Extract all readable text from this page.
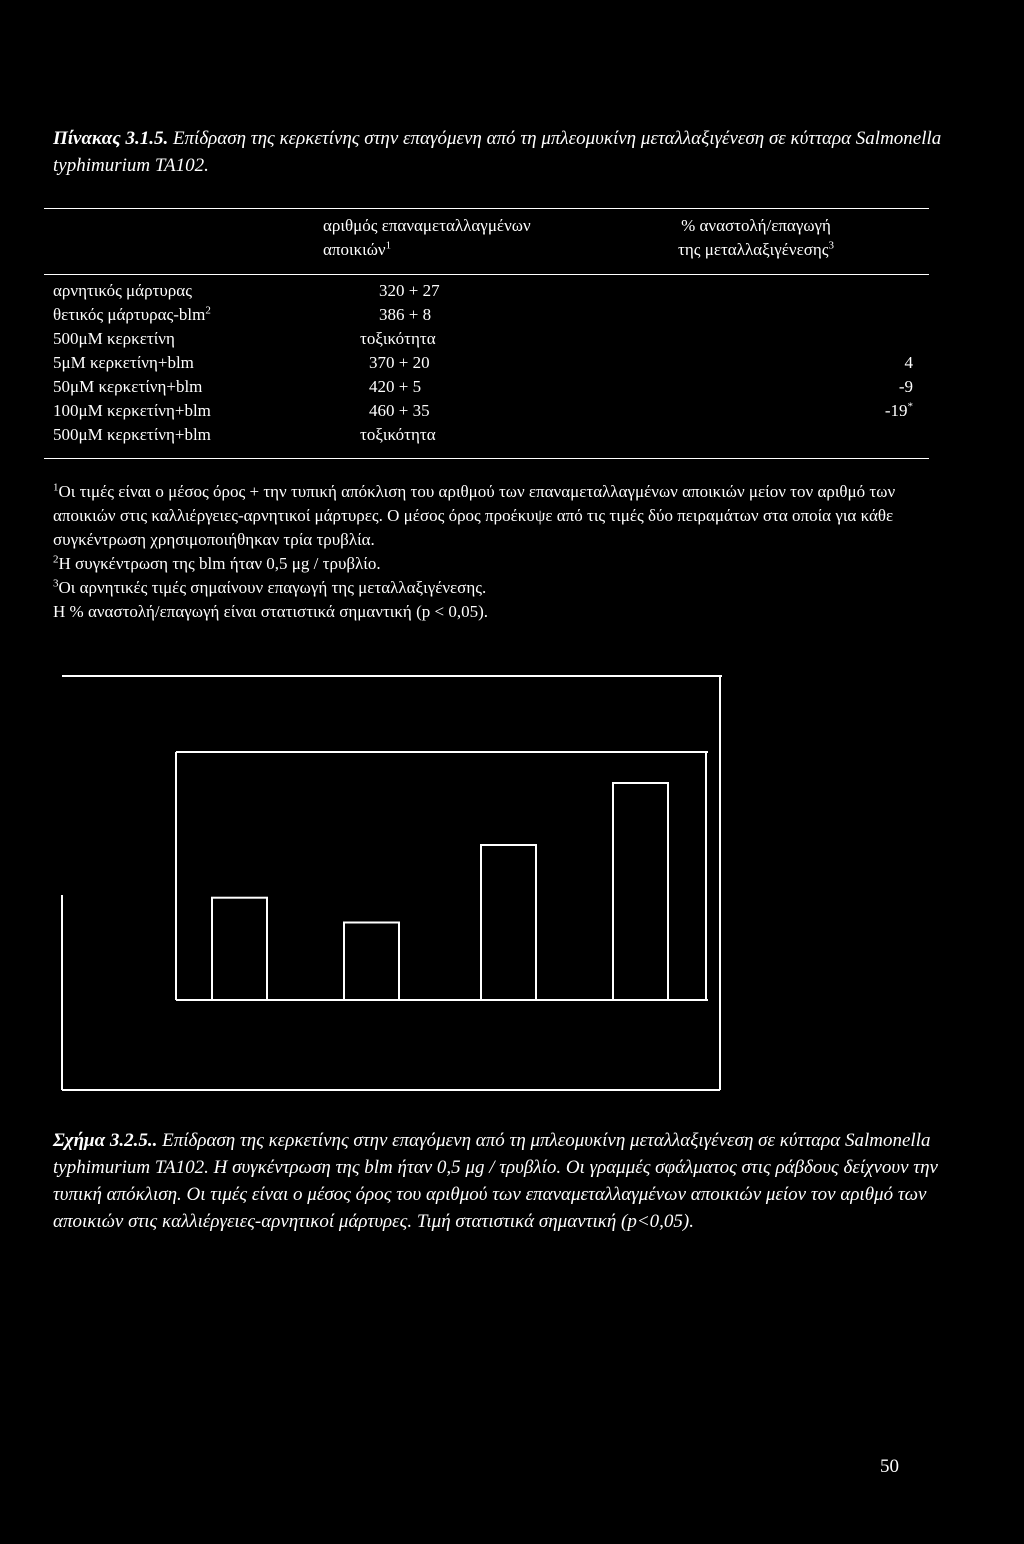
Πίνακας 3.1.5. Επίδραση της κερκετίνης στην επαγόμενη από τη μπλεομυκίνη μεταλλαξιγένεση σε κύτταρα Salmonella typhimurium TA102.
αριθμός επαναμεταλλαγμένων
αποικιών$^1$
% αναστολή/επαγωγή
της μεταλλαξιγένεσης$^3$
αρνητικός μάρτυρας	320 + 27
θετικός μάρτυρας-blm$^2$	386 + 8
500μΜ κερκετίνη	τοξικότητα
5μΜ κερκετίνη+blm	370 + 20	4
50μΜ κερκετίνη+blm	420 + 5	-9
100μΜ κερκετίνη+blm	460 + 35	-19*
500μΜ κερκετίνη+blm	τοξικότητα
$^1$Οι τιμές είναι ο μέσος όρος + την τυπική απόκλιση του αριθμού των επαναμεταλλαγμένων αποικιών μείον τον αριθμό των αποικιών στις καλλιέργειες-αρνητικοί μάρτυρες. Ο μέσος όρος προέκυψε από τις τιμές δύο πειραμάτων στα οποία για κάθε συγκέντρωση χρησιμοποιήθηκαν τρία τρυβλία.
$^2$Η συγκέντρωση της blm ήταν 0,5 μg / τρυβλίο.
$^3$Οι αρνητικές τιμές σημαίνουν επαγωγή της μεταλλαξιγένεσης.
Η % αναστολή/επαγωγή είναι στατιστικά σημαντική (p < 0,05).
Σχήμα 3.2.5.. Επίδραση της κερκετίνης στην επαγόμενη από τη μπλεομυκίνη μεταλλαξιγένεση σε κύτταρα Salmonella typhimurium TA102. Η συγκέντρωση της blm ήταν 0,5 μg / τρυβλίο. Οι γραμμές σφάλματος στις ράβδους δείχνουν την τυπική απόκλιση. Οι τιμές είναι ο μέσος όρος του αριθμού των επαναμεταλλαγμένων αποικιών μείον τον αριθμό των αποικιών στις καλλιέργειες-αρνητικοί μάρτυρες. Τιμή στατιστικά σημαντική (p<0,05).
50
